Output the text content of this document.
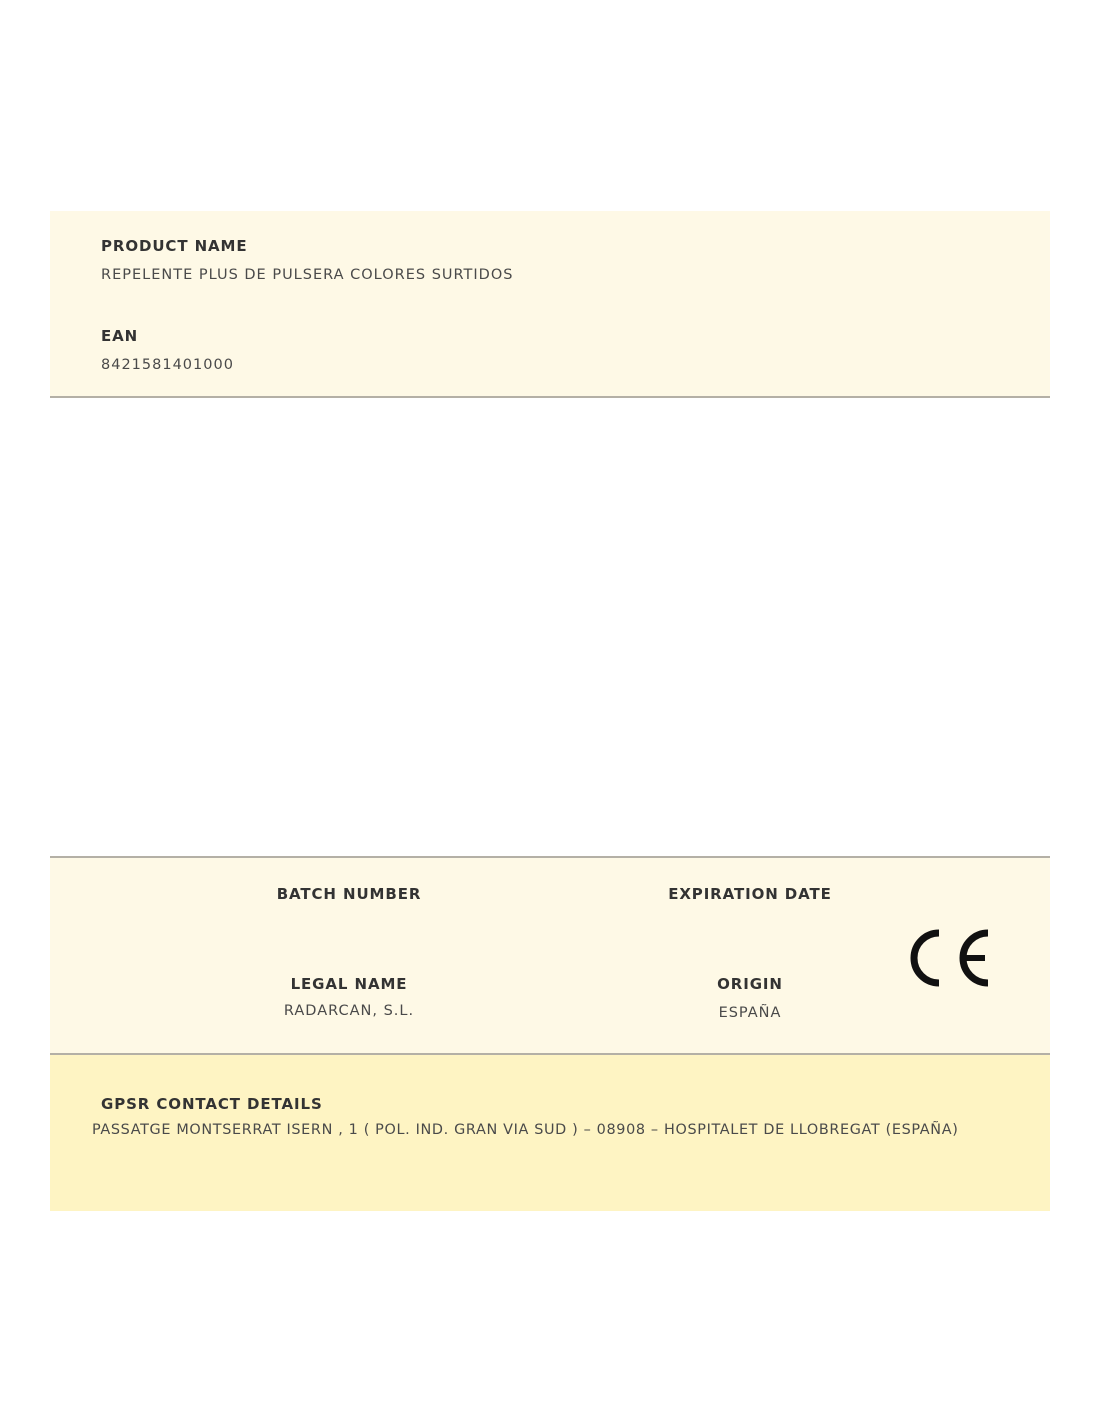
PRODUCT NAME
REPELENTE PLUS DE PULSERA COLORES SURTIDOS
EAN
8421581401000
BATCH NUMBER	EXPIRATION DATE
LEGAL NAME
RADARCAN, S.L.
ORIGIN
ESPAÑA
GPSR CONTACT DETAILS
PASSATGE MONTSERRAT ISERN , 1 ( POL. IND. GRAN VIA SUD ) – 08908 – HOSPITALET DE LLOBREGAT (ESPAÑA)
